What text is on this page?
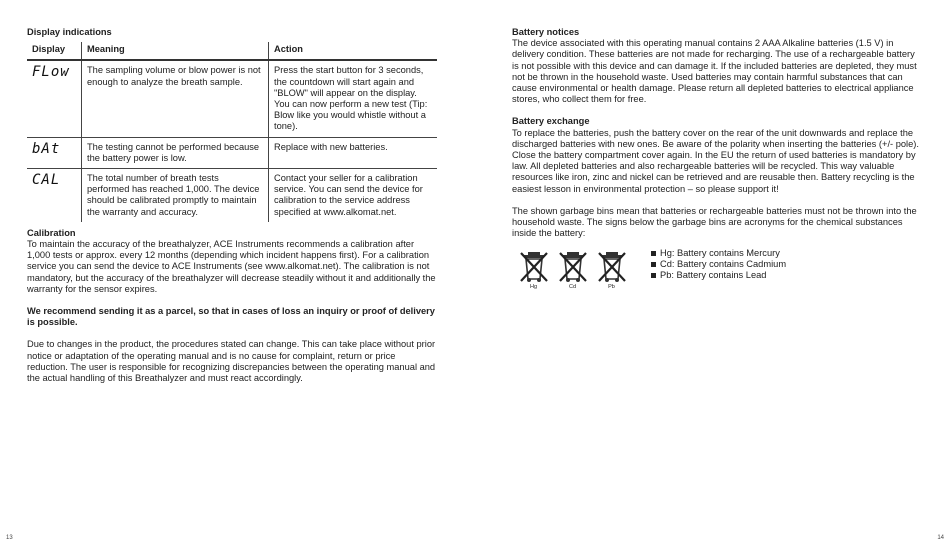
Display indications
Display	Meaning	Action
FLow	The sampling volume or blow power is not enough to analyze the breath sample.	Press the start button for 3 seconds, the countdown will start again and "BLOW" will appear on the display. You can now perform a new test (Tip: Blow like you would whistle without a tone).
bAt	The testing cannot be performed because the battery power is low.	Replace with new batteries.
CAL	The total number of breath tests performed has reached 1,000. The device should be calibrated promptly to maintain the warranty and accuracy.	Contact your seller for a calibration service. You can send the device for calibration to the service address specified at www.alkomat.net.
Calibration

To maintain the accuracy of the breathalyzer, ACE Instruments recommends a calibration after 1,000 tests or approx. every 12 months (depending which incident happens first). For a calibration service you can send the device to ACE Instruments (see www.alkomat.net). The calibration is not mandatory, but the accuracy of the breathalyzer will decrease steadily without it and additionally the warranty for the sensor expires.

We recommend sending it as a parcel, so that in cases of loss an inquiry or proof of delivery is possible.

Due to changes in the product, the procedures stated can change. This can take place without prior notice or adaptation of the operating manual and is no cause for complaint, return or price reduction. The user is responsible for recognizing discrepancies between the operating manual and the actual handling of this Breathalyzer and must react accordingly.

13
Battery notices

The device associated with this operating manual contains 2 AAA Alkaline batteries (1.5 V) in delivery condition. These batteries are not made for recharging. The use of a rechargeable battery is not possible with this device and can damage it. If the included batteries are depleted, they must not be thrown in the household waste. Used batteries may contain harmful substances that can cause environmental or health damage. Please return all depleted batteries to electrical appliance stores, who collect them for free.

Battery exchange

To replace the batteries, push the battery cover on the rear of the unit downwards and replace the discharged batteries with new ones. Be aware of the polarity when inserting the batteries (+/- pole). Close the battery compartment cover again. In the EU the return of used batteries is mandatory by law. All depleted batteries and also rechargeable batteries will be recycled. This way valuable resources like iron, zinc and nickel can be retrieved and are reusable then. Battery recycling is the easiest lesson in environmental protection – so please support it!

The shown garbage bins mean that batteries or rechargeable batteries must not be thrown into the household waste. The signs below the garbage bins are acronyms for the chemical substances inside the battery:

Hg	Cd	Pb
Hg: Battery contains Mercury
Cd: Battery contains Cadmium
Pb: Battery contains Lead
14
